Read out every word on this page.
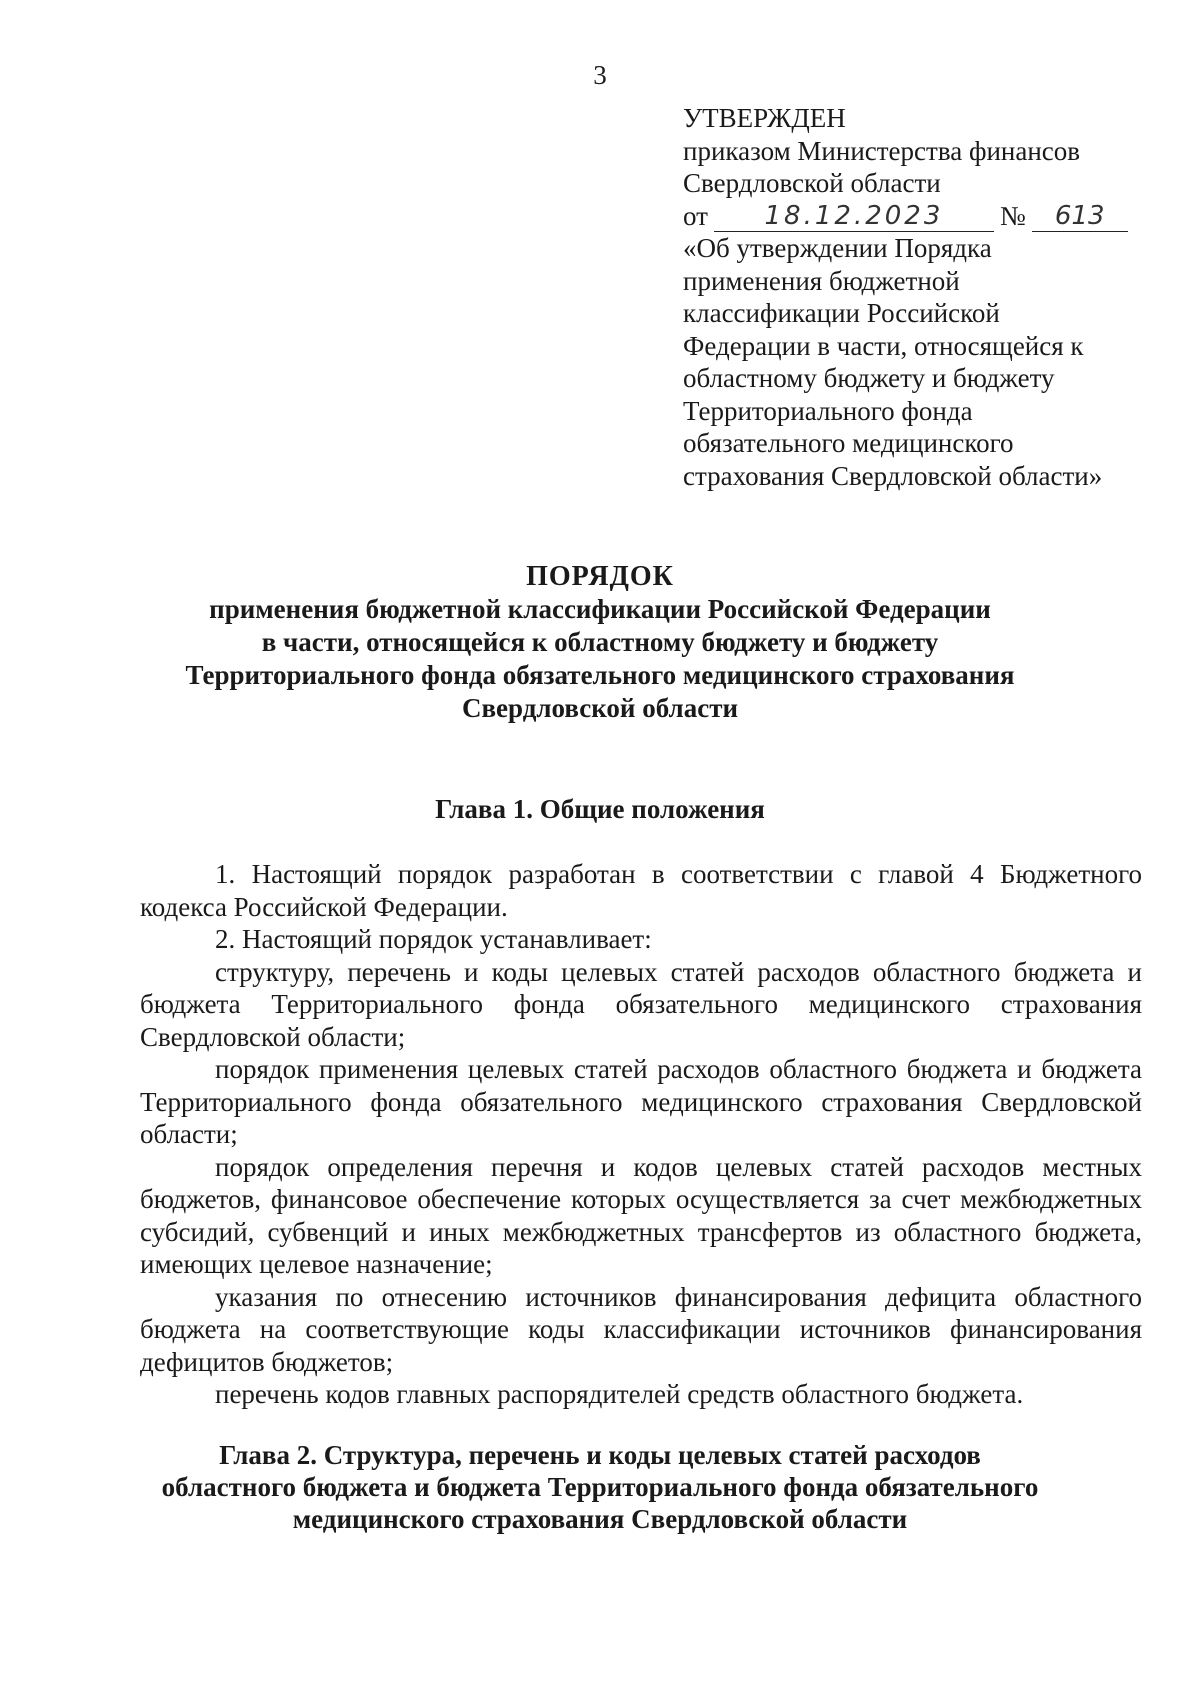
3
УТВЕРЖДЕН
приказом Министерства финансов
Свердловской области
от	18.12.2023	№	613
«Об утверждении Порядка
применения бюджетной
классификации Российской
Федерации в части, относящейся к
областному бюджету и бюджету
Территориального фонда
обязательного медицинского
страхования Свердловской области»
ПОРЯДОК
применения бюджетной классификации Российской Федерации
в части, относящейся к областному бюджету и бюджету
Территориального фонда обязательного медицинского страхования
Свердловской области
Глава 1. Общие положения

1. Настоящий порядок разработан в соответствии с главой 4 Бюджетного кодекса Российской Федерации.

2. Настоящий порядок устанавливает:

структуру, перечень и коды целевых статей расходов областного бюджета и бюджета Территориального фонда обязательного медицинского страхования Свердловской области;

порядок применения целевых статей расходов областного бюджета и бюджета Территориального фонда обязательного медицинского страхования Свердловской области;

порядок определения перечня и кодов целевых статей расходов местных бюджетов, финансовое обеспечение которых осуществляется за счет межбюджетных субсидий, субвенций и иных межбюджетных трансфертов из областного бюджета, имеющих целевое назначение;

указания по отнесению источников финансирования дефицита областного бюджета на соответствующие коды классификации источников финансирования дефицитов бюджетов;

перечень кодов главных распорядителей средств областного бюджета.

Глава 2. Структура, перечень и коды целевых статей расходов
областного бюджета и бюджета Территориального фонда обязательного
медицинского страхования Свердловской области
